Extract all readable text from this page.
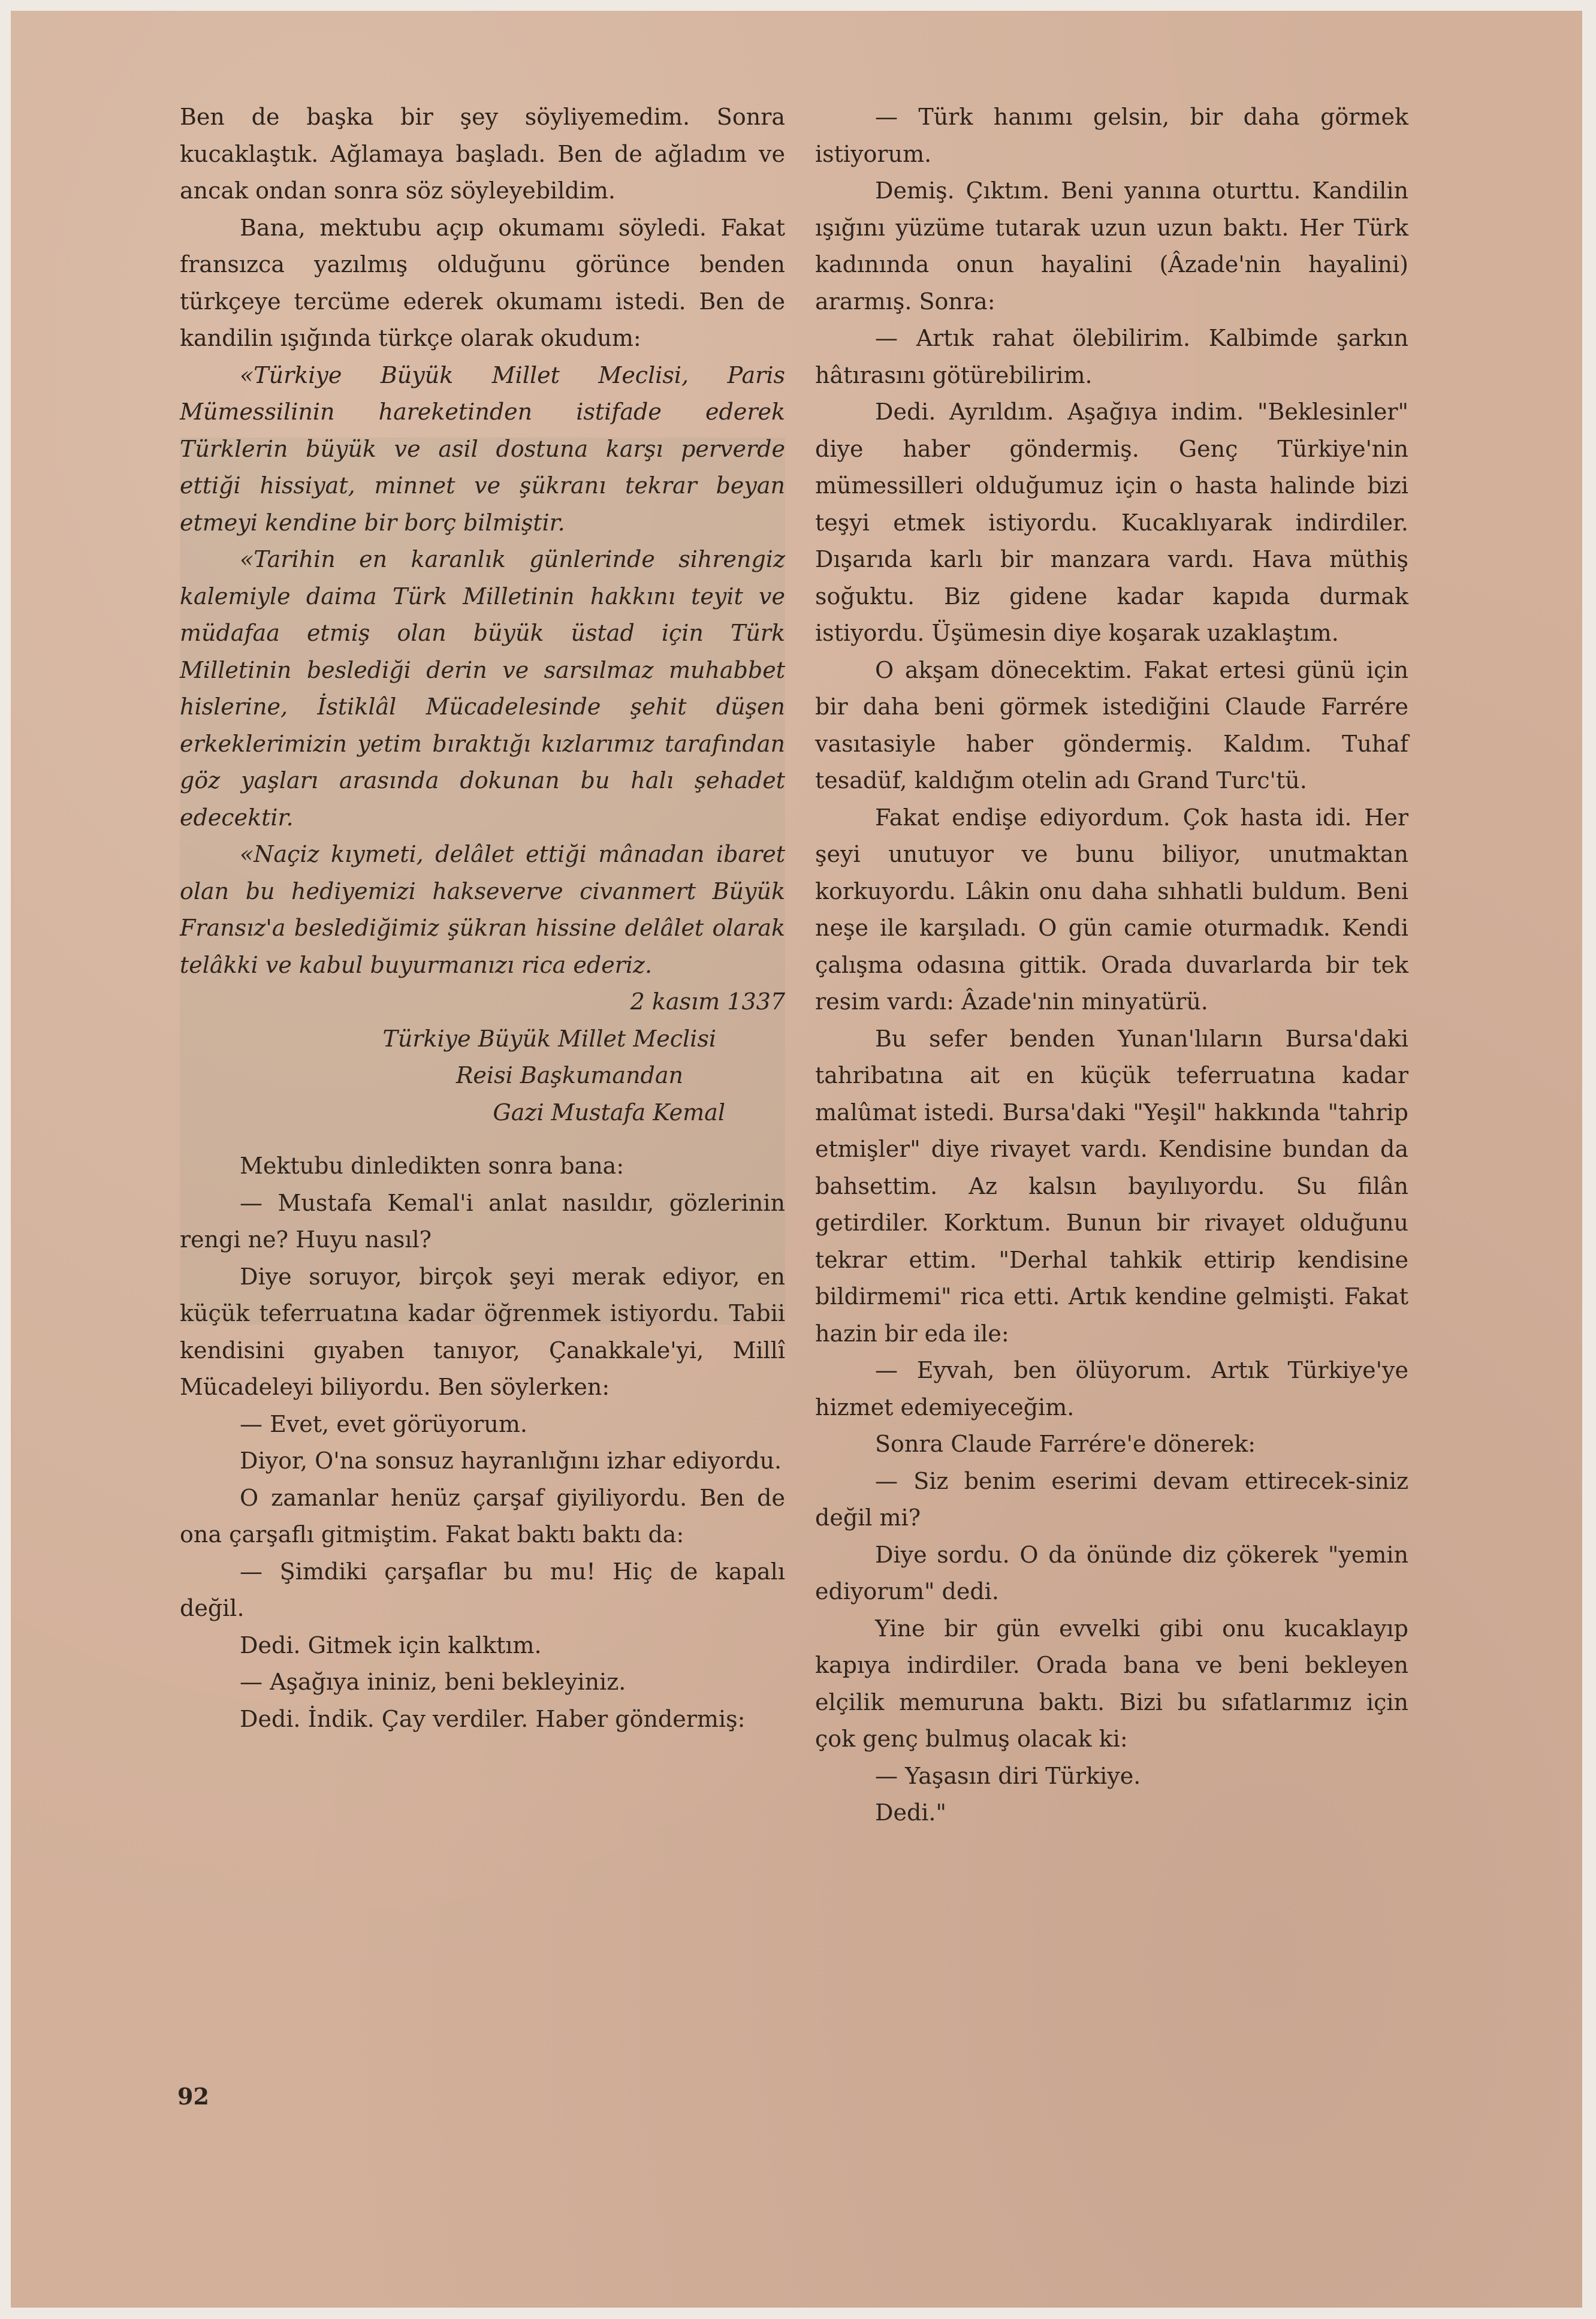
Ben de başka bir şey söyliyemedim. Sonra kucaklaştık. Ağlamaya başladı. Ben de ağladım ve ancak ondan sonra söz söyleyebildim.

Bana, mektubu açıp okumamı söyledi. Fakat fransızca yazılmış olduğunu görünce benden türkçeye tercüme ederek okumamı istedi. Ben de kandilin ışığında türkçe olarak okudum:

«Türkiye Büyük Millet Meclisi, Paris Mümessilinin hareketinden istifade ederek Türklerin büyük ve asil dostuna karşı perverde ettiği hissiyat, minnet ve şükranı tekrar beyan etmeyi kendine bir borç bilmiştir.

«Tarihin en karanlık günlerinde sihrengiz kalemiyle daima Türk Milletinin hakkını teyit ve müdafaa etmiş olan büyük üstad için Türk Milletinin beslediği derin ve sarsılmaz muhabbet hislerine, İstiklâl Mücadelesinde şehit düşen erkeklerimizin yetim bıraktığı kızlarımız tarafından göz yaşları arasında dokunan bu halı şehadet edecektir.

«Naçiz kıymeti, delâlet ettiği mânadan ibaret olan bu hediyemizi hakseverve civanmert Büyük Fransız'a beslediğimiz şükran hissine delâlet olarak telâkki ve kabul buyurmanızı rica ederiz.

2 kasım 1337

Türkiye Büyük Millet Meclisi

Reisi Başkumandan

Gazi Mustafa Kemal

Mektubu dinledikten sonra bana:

— Mustafa Kemal'i anlat nasıldır, gözlerinin rengi ne? Huyu nasıl?

Diye soruyor, birçok şeyi merak ediyor, en küçük teferruatına kadar öğrenmek istiyordu. Tabii kendisini gıyaben tanıyor, Çanakkale'yi, Millî Mücadeleyi biliyordu. Ben söylerken:

— Evet, evet görüyorum.

Diyor, O'na sonsuz hayranlığını izhar ediyordu.

O zamanlar henüz çarşaf giyiliyordu. Ben de ona çarşaflı gitmiştim. Fakat baktı baktı da:

— Şimdiki çarşaflar bu mu! Hiç de kapalı değil.

Dedi. Gitmek için kalktım.

— Aşağıya ininiz, beni bekleyiniz.

Dedi. İndik. Çay verdiler. Haber göndermiş:

— Türk hanımı gelsin, bir daha görmek istiyorum.

Demiş. Çıktım. Beni yanına oturttu. Kandilin ışığını yüzüme tutarak uzun uzun baktı. Her Türk kadınında onun hayalini (Âzade'nin hayalini) ararmış. Sonra:

— Artık rahat ölebilirim. Kalbimde şarkın hâtırasını götürebilirim.

Dedi. Ayrıldım. Aşağıya indim. "Beklesinler" diye haber göndermiş. Genç Türkiye'nin mümessilleri olduğumuz için o hasta halinde bizi teşyi etmek istiyordu. Kucaklıyarak indirdiler. Dışarıda karlı bir manzara vardı. Hava müthiş soğuktu. Biz gidene kadar kapıda durmak istiyordu. Üşümesin diye koşarak uzaklaştım.

O akşam dönecektim. Fakat ertesi günü için bir daha beni görmek istediğini Claude Farrére vasıtasiyle haber göndermiş. Kaldım. Tuhaf tesadüf, kaldığım otelin adı Grand Turc'tü.

Fakat endişe ediyordum. Çok hasta idi. Her şeyi unutuyor ve bunu biliyor, unutmaktan korkuyordu. Lâkin onu daha sıhhatli buldum. Beni neşe ile karşıladı. O gün camie oturmadık. Kendi çalışma odasına gittik. Orada duvarlarda bir tek resim vardı: Âzade'nin minyatürü.

Bu sefer benden Yunan'lıların Bursa'daki tahribatına ait en küçük teferruatına kadar malûmat istedi. Bursa'daki "Yeşil" hakkında "tahrip etmişler" diye rivayet vardı. Kendisine bundan da bahsettim. Az kalsın bayılıyordu. Su filân getirdiler. Korktum. Bunun bir rivayet olduğunu tekrar ettim. "Derhal tahkik ettirip kendisine bildirmemi" rica etti. Artık kendine gelmişti. Fakat hazin bir eda ile:

— Eyvah, ben ölüyorum. Artık Türkiye'ye hizmet edemiyeceğim.

Sonra Claude Farrére'e dönerek:

— Siz benim eserimi devam ettirecek-siniz değil mi?

Diye sordu. O da önünde diz çökerek "yemin ediyorum" dedi.

Yine bir gün evvelki gibi onu kucaklayıp kapıya indirdiler. Orada bana ve beni bekleyen elçilik memuruna baktı. Bizi bu sıfatlarımız için çok genç bulmuş olacak ki:

— Yaşasın diri Türkiye.

Dedi."

92
